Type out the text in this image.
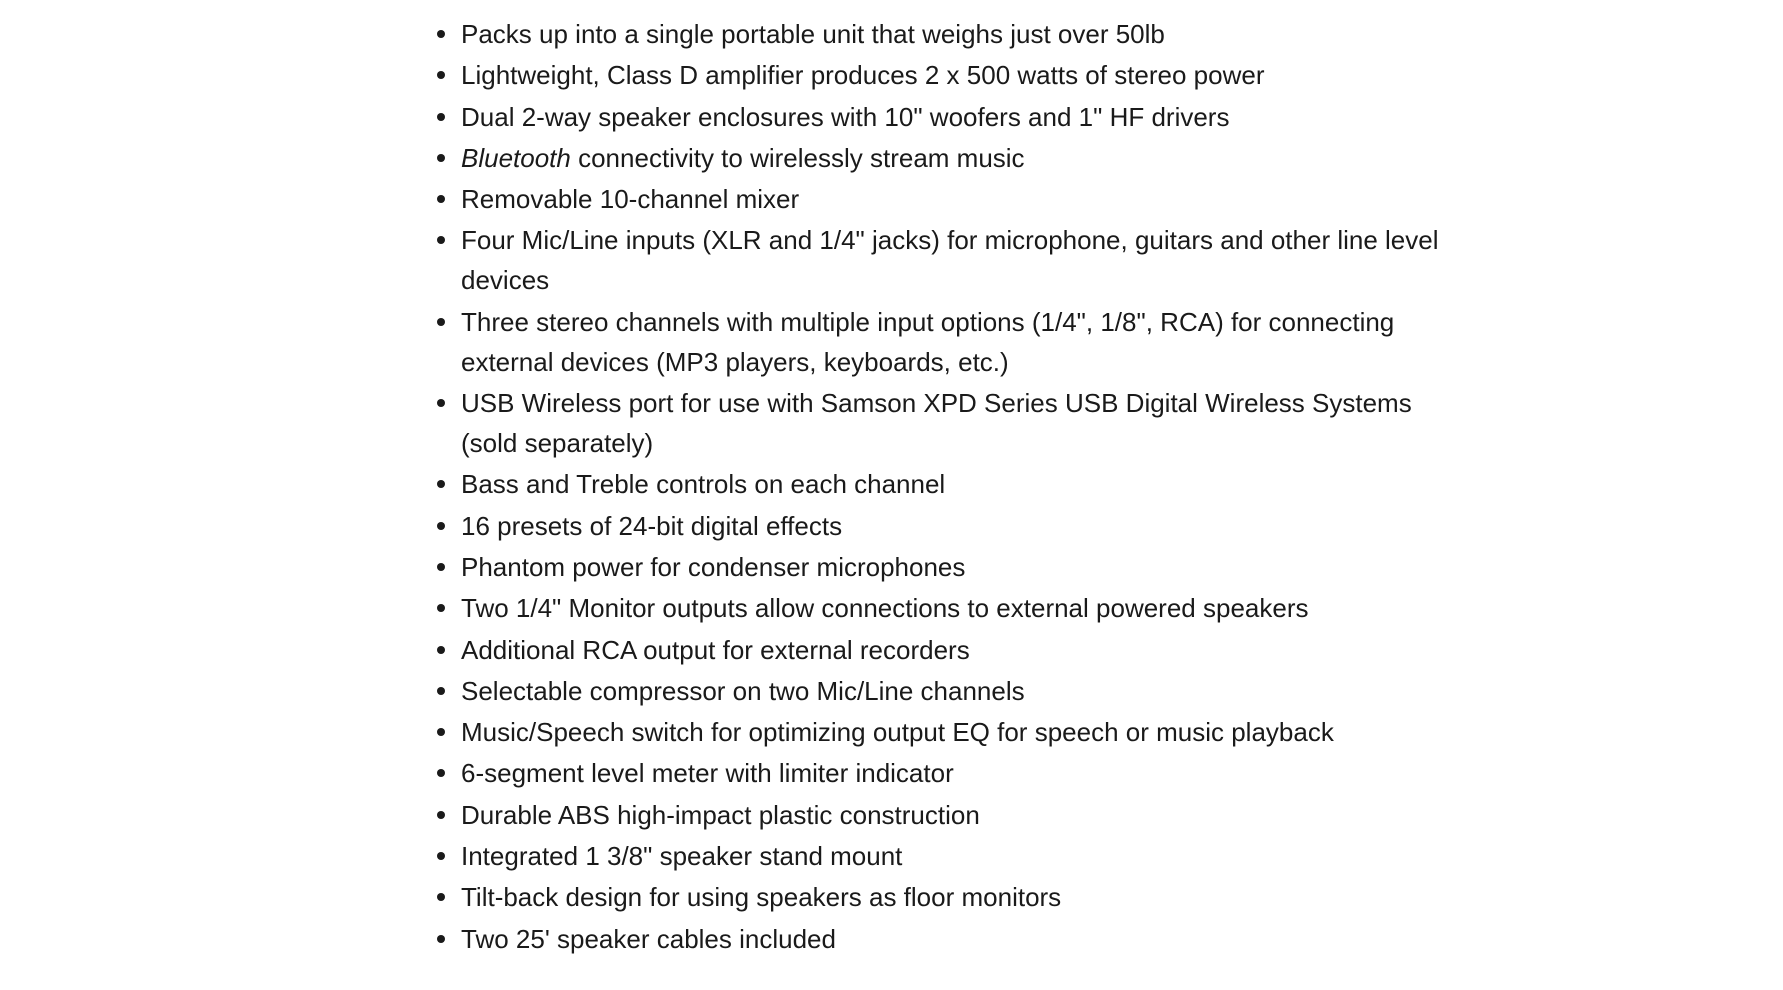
Packs up into a single portable unit that weighs just over 50lb
Lightweight, Class D amplifier produces 2 x 500 watts of stereo power
Dual 2-way speaker enclosures with 10" woofers and 1" HF drivers
Bluetooth connectivity to wirelessly stream music
Removable 10-channel mixer
Four Mic/Line inputs (XLR and 1/4" jacks) for microphone, guitars and other line level devices
Three stereo channels with multiple input options (1/4", 1/8", RCA) for connecting external devices (MP3 players, keyboards, etc.)
USB Wireless port for use with Samson XPD Series USB Digital Wireless Systems (sold separately)
Bass and Treble controls on each channel
16 presets of 24-bit digital effects
Phantom power for condenser microphones
Two 1/4" Monitor outputs allow connections to external powered speakers
Additional RCA output for external recorders
Selectable compressor on two Mic/Line channels
Music/Speech switch for optimizing output EQ for speech or music playback
6-segment level meter with limiter indicator
Durable ABS high-impact plastic construction
Integrated 1 3/8" speaker stand mount
Tilt-back design for using speakers as floor monitors
Two 25' speaker cables included
